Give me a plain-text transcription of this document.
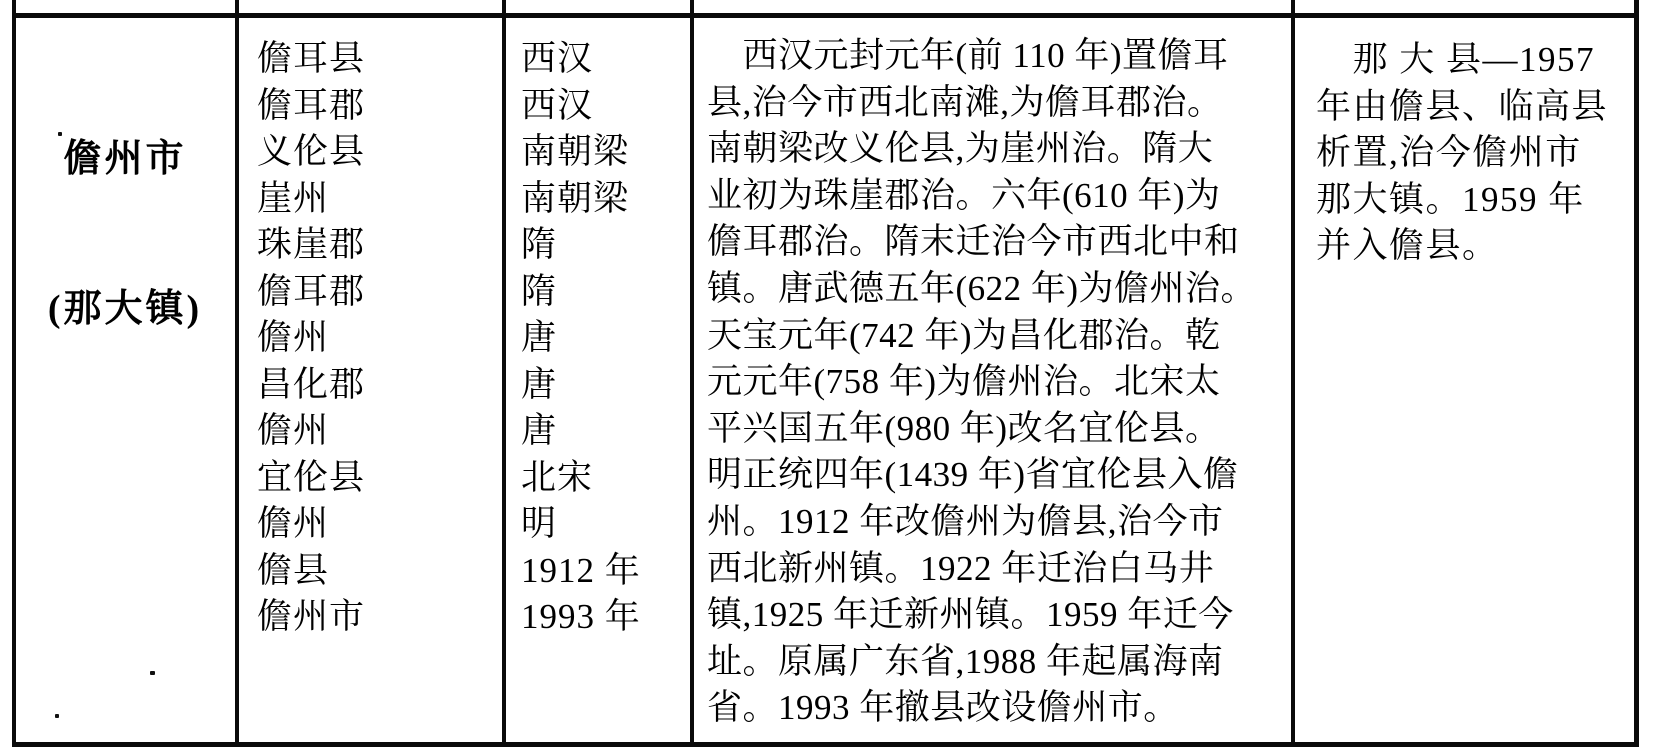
儋州市

(那大镇)

儋耳县
儋耳郡
义伦县
崖州
珠崖郡
儋耳郡
儋州
昌化郡
儋州
宜伦县
儋州
儋县
儋州市
西汉
西汉
南朝梁
南朝梁
隋
隋
唐
唐
唐
北宋
明
1912 年
1993 年
　西汉元封元年(前 110 年)置儋耳
县,治今市西北南滩,为儋耳郡治。
南朝梁改义伦县,为崖州治。隋大
业初为珠崖郡治。六年(610 年)为
儋耳郡治。隋末迁治今市西北中和
镇。唐武德五年(622 年)为儋州治。
天宝元年(742 年)为昌化郡治。乾
元元年(758 年)为儋州治。北宋太
平兴国五年(980 年)改名宜伦县。
明正统四年(1439 年)省宜伦县入儋
州。1912 年改儋州为儋县,治今市
西北新州镇。1922 年迁治白马井
镇,1925 年迁新州镇。1959 年迁今
址。原属广东省,1988 年起属海南
省。1993 年撤县改设儋州市。
　那 大 县—1957
年由儋县、临高县
析置,治今儋州市
那大镇。1959 年
并入儋县。
